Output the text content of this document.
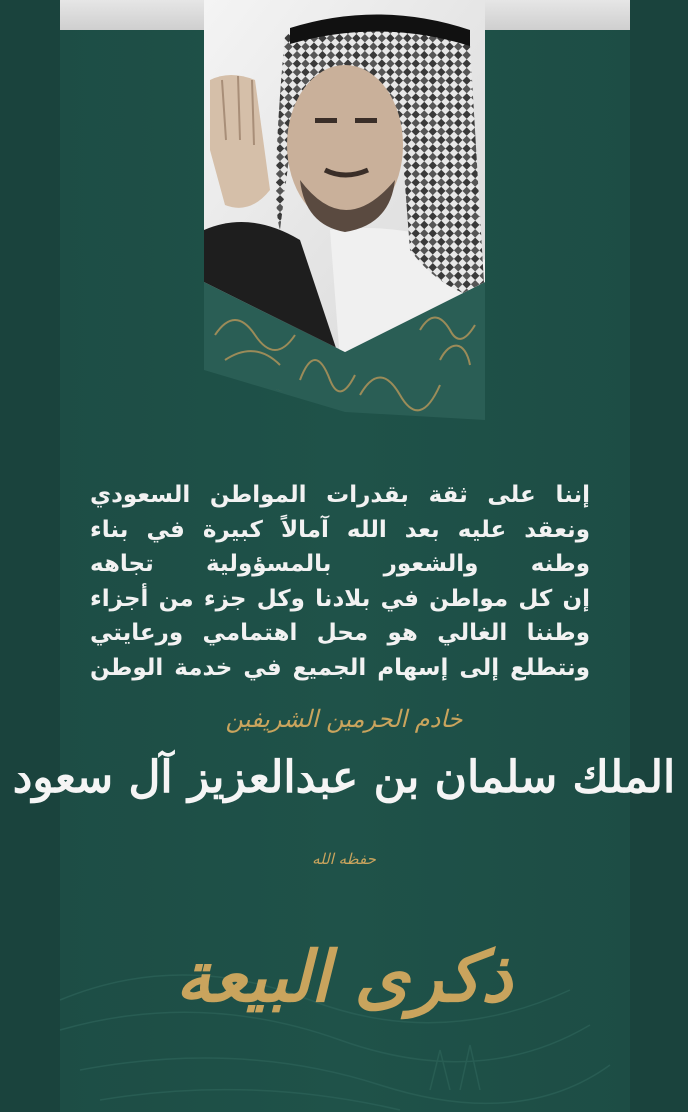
إننا على ثقة بقدرات المواطن السعودي
ونعقد عليه بعد الله آمالاً كبيرة في بناء
وطنه والشعور بالمسؤولية تجاهه
إن كل مواطن في بلادنا وكل جزء من أجزاء
وطننا الغالي هو محل اهتمامي ورعايتي
ونتطلع إلى إسهام الجميع في خدمة الوطن
خادم الحرمين الشريفين
الملك سلمان بن عبدالعزيز آل سعود
حفظه الله
ذكرى البيعة
